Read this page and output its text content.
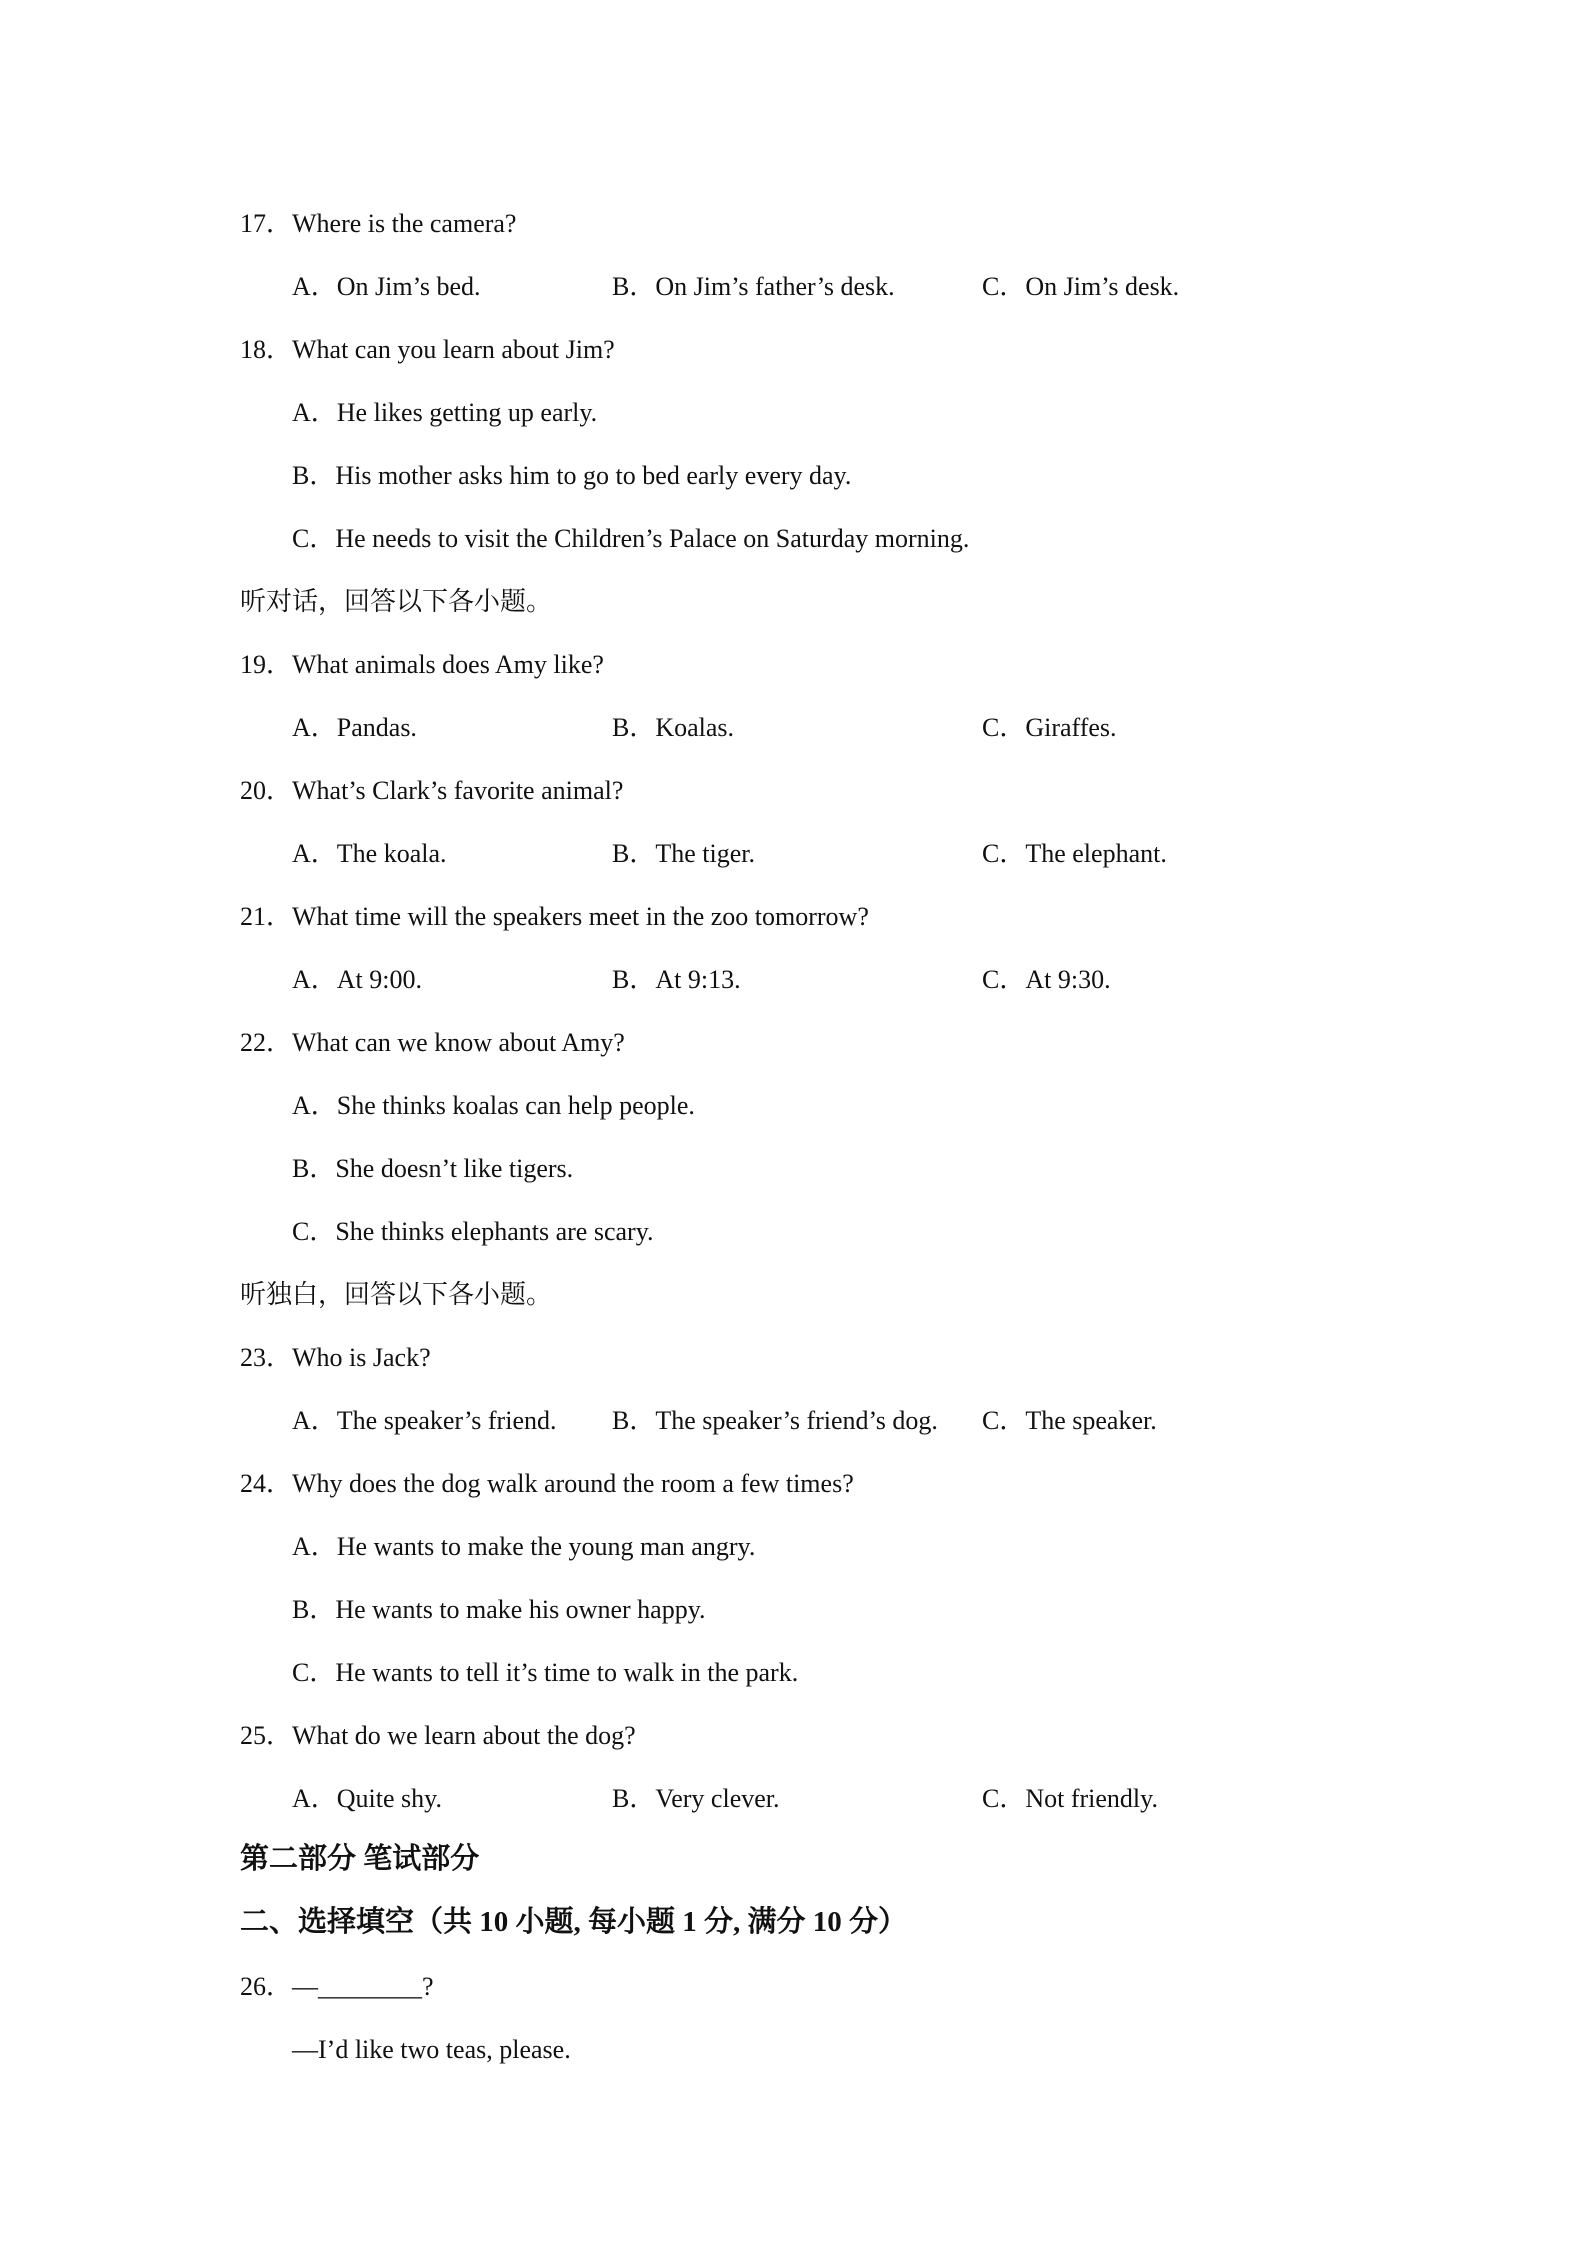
17．Where is the camera?
A．On Jim’s bed.	B．On Jim’s father’s desk.	C．On Jim’s desk.
18．What can you learn about Jim?
A．He likes getting up early.
B．His mother asks him to go to bed early every day.
C．He needs to visit the Children’s Palace on Saturday morning.
听对话，回答以下各小题。
19．What animals does Amy like?
A．Pandas.	B．Koalas.	C．Giraffes.
20．What’s Clark’s favorite animal?
A．The koala.	B．The tiger.	C．The elephant.
21．What time will the speakers meet in the zoo tomorrow?
A．At 9:00.	B．At 9:13.	C．At 9:30.
22．What can we know about Amy?
A．She thinks koalas can help people.
B．She doesn’t like tigers.
C．She thinks elephants are scary.
听独白，回答以下各小题。
23．Who is Jack?
A．The speaker’s friend. B．The speaker’s friend’s dog. C．The speaker.
24．Why does the dog walk around the room a few times?
A．He wants to make the young man angry.
B．He wants to make his owner happy.
C．He wants to tell it’s time to walk in the park.
25．What do we learn about the dog?
A．Quite shy.	B．Very clever.	C．Not friendly.
第二部分 笔试部分
二、选择填空（共 10 小题, 每小题 1 分, 满分 10 分）
26．—________?
—I’d like two teas, please.
